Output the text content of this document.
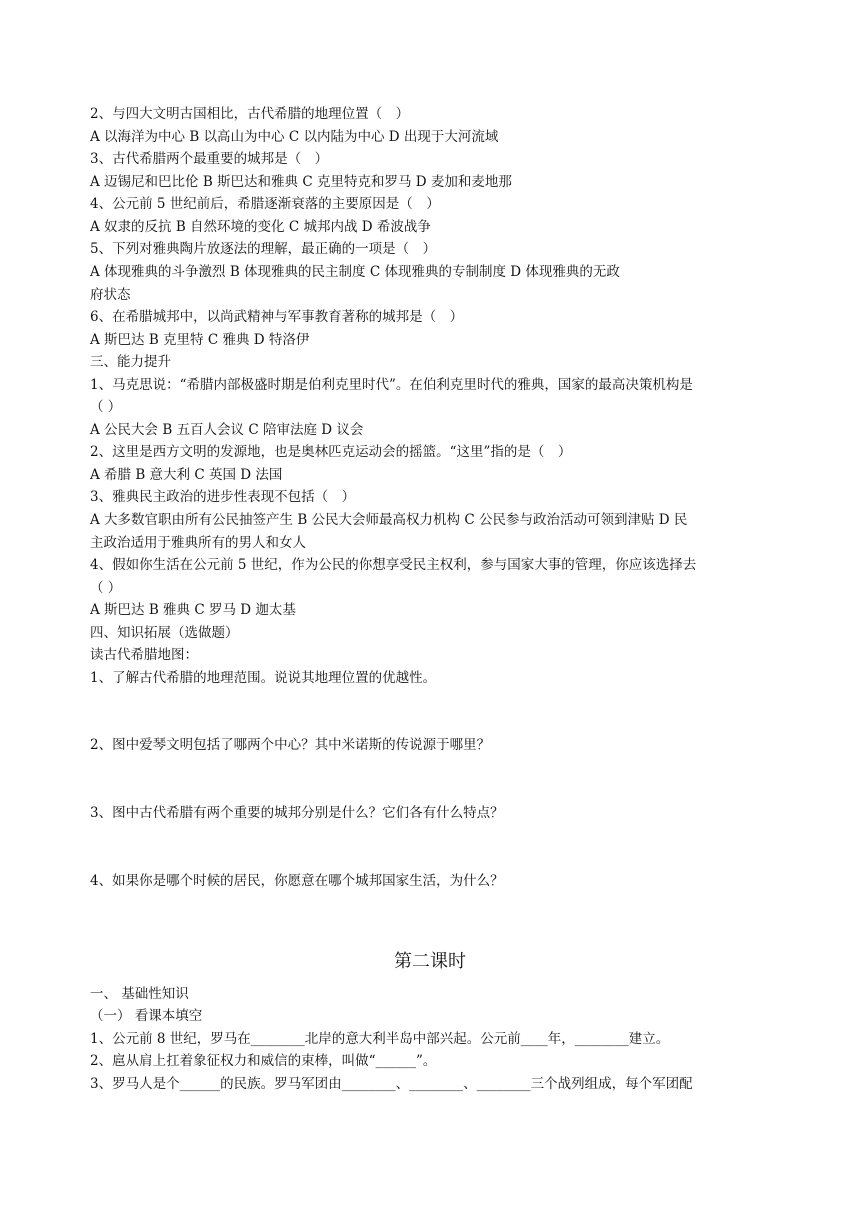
2、与四大文明古国相比，古代希腊的地理位置（　）
A 以海洋为中心 B 以高山为中心 C 以内陆为中心 D 出现于大河流域
3、古代希腊两个最重要的城邦是（　）
A 迈锡尼和巴比伦 B 斯巴达和雅典 C 克里特克和罗马 D 麦加和麦地那
4、公元前 5 世纪前后，希腊逐渐衰落的主要原因是（　）
A 奴隶的反抗 B 自然环境的变化 C 城邦内战 D 希波战争
5、下列对雅典陶片放逐法的理解，最正确的一项是（　）
A 体现雅典的斗争激烈 B 体现雅典的民主制度 C 体现雅典的专制制度 D 体现雅典的无政
府状态
6、在希腊城邦中，以尚武精神与军事教育著称的城邦是（　）
A 斯巴达 B 克里特 C 雅典 D 特洛伊
三、能力提升
1、马克思说：“希腊内部极盛时期是伯利克里时代”。在伯利克里时代的雅典，国家的最高决策机构是
（ ）
A 公民大会 B 五百人会议 C 陪审法庭 D 议会
2、这里是西方文明的发源地，也是奥林匹克运动会的摇篮。“这里”指的是（　）
A 希腊 B 意大利 C 英国 D 法国
3、雅典民主政治的进步性表现不包括（　）
A 大多数官职由所有公民抽签产生 B 公民大会师最高权力机构 C 公民参与政治活动可领到津贴 D 民
主政治适用于雅典所有的男人和女人
4、假如你生活在公元前 5 世纪，作为公民的你想享受民主权利，参与国家大事的管理，你应该选择去
（ ）
A 斯巴达 B 雅典 C 罗马 D 迦太基
四、知识拓展（选做题）
读古代希腊地图：
1、了解古代希腊的地理范围。说说其地理位置的优越性。
2、图中爱琴文明包括了哪两个中心？其中米诺斯的传说源于哪里？
3、图中古代希腊有两个重要的城邦分别是什么？它们各有什么特点？
4、如果你是哪个时候的居民，你愿意在哪个城邦国家生活，为什么？
第二课时
一、 基础性知识
（一） 看课本填空
1、公元前 8 世纪，罗马在________北岸的意大利半岛中部兴起。公元前____年，________建立。
2、扈从肩上扛着象征权力和威信的束棒，叫做“______”。
3、罗马人是个______的民族。罗马军团由________、________、________三个战列组成，每个军团配
